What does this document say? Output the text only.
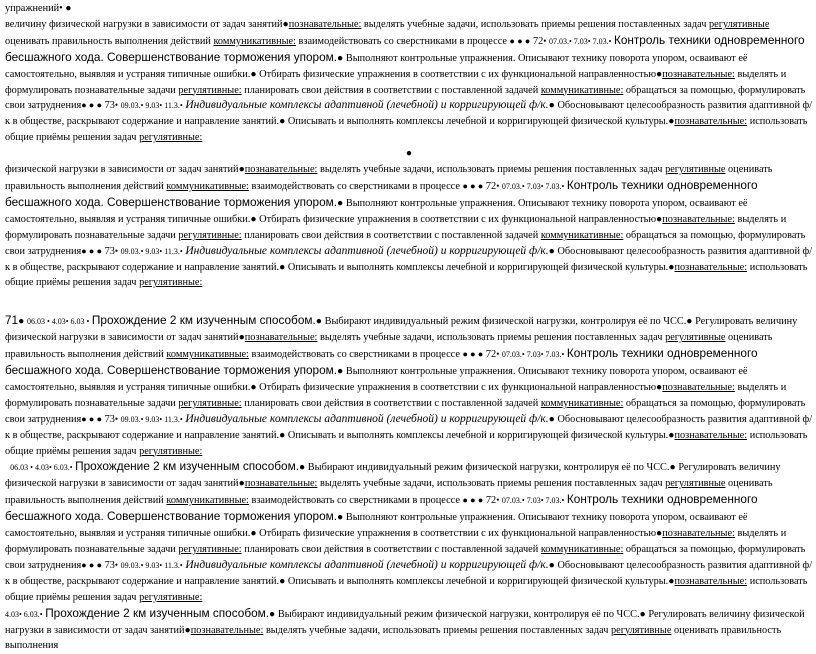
упражнений• ●

величину физической нагрузки в зависимости от задач занятий●познавательные: выделять учебные задачи, использовать приемы решения поставленных задач регулятивные оценивать правильность выполнения действий коммуникативные: взаимодействовать со сверстниками в процессе ● ● ● 72• 07.03.• 7.03• 7.03.• Контроль техники одновременного бесшажного хода. Совершенствование торможения упором.● Выполняют контрольные упражнения. Описывают технику поворота упором, осваивают её самостоятельно, выявляя и устраняя типичные ошибки.● Отбирать физические упражнения в соответствии с их функциональной направленностью●познавательные: выделять и формулировать познавательные задачи регулятивные: планировать свои действия в соответствии с поставленной задачей коммуникативные: обращаться за помощью, формулировать свои затруднения● ● ● 73• 09.03.• 9.03• 11.3.• Индивидуальные комплексы адаптивной (лечебной) и корригирующей ф/к.● Обосновывают целесообразность развития адаптивной ф/к в обществе, раскрывают содержание и направление занятий.● Описывать и выполнять комплексы лечебной и корригирующей физической культуры.●познавательные: использовать общие приёмы решения задач регулятивные:

●

физической нагрузки в зависимости от задач занятий●познавательные: выделять учебные задачи, использовать приемы решения поставленных задач регулятивные оценивать правильность выполнения действий коммуникативные: взаимодействовать со сверстниками в процессе ● ● ● 72• 07.03.• 7.03• 7.03.• Контроль техники одновременного бесшажного хода. Совершенствование торможения упором.● Выполняют контрольные упражнения. Описывают технику поворота упором, осваивают её самостоятельно, выявляя и устраняя типичные ошибки.● Отбирать физические упражнения в соответствии с их функциональной направленностью●познавательные: выделять и формулировать познавательные задачи регулятивные: планировать свои действия в соответствии с поставленной задачей коммуникативные: обращаться за помощью, формулировать свои затруднения● ● ● 73• 09.03.• 9.03• 11.3.• Индивидуальные комплексы адаптивной (лечебной) и корригирующей ф/к.● Обосновывают целесообразность развития адаптивной ф/к в обществе, раскрывают содержание и направление занятий.● Описывать и выполнять комплексы лечебной и корригирующей физической культуры.●познавательные: использовать общие приёмы решения задач регулятивные:

71● 06.03 • 4.03• 6.03 • Прохождение 2 км изученным способом.● Выбирают индивидуальный режим физической нагрузки, контролируя её по ЧСС.● Регулировать величину физической нагрузки в зависимости от задач занятий●познавательные: выделять учебные задачи, использовать приемы решения поставленных задач регулятивные оценивать правильность выполнения действий коммуникативные: взаимодействовать со сверстниками в процессе ● ● ● 72• 07.03.• 7.03• 7.03.• Контроль техники одновременного бесшажного хода. Совершенствование торможения упором.● Выполняют контрольные упражнения. Описывают технику поворота упором, осваивают её самостоятельно, выявляя и устраняя типичные ошибки.● Отбирать физические упражнения в соответствии с их функциональной направленностью●познавательные: выделять и формулировать познавательные задачи регулятивные: планировать свои действия в соответствии с поставленной задачей коммуникативные: обращаться за помощью, формулировать свои затруднения● ● ● 73• 09.03.• 9.03• 11.3.• Индивидуальные комплексы адаптивной (лечебной) и корригирующей ф/к.● Обосновывают целесообразность развития адаптивной ф/к в обществе, раскрывают содержание и направление занятий.● Описывать и выполнять комплексы лечебной и корригирующей физической культуры.●познавательные: использовать общие приёмы решения задач регулятивные:

06.03 • 4.03• 6.03.• Прохождение 2 км изученным способом.● Выбирают индивидуальный режим физической нагрузки, контролируя её по ЧСС.● Регулировать величину физической нагрузки в зависимости от задач занятий●познавательные: выделять учебные задачи, использовать приемы решения поставленных задач регулятивные оценивать правильность выполнения действий коммуникативные: взаимодействовать со сверстниками в процессе ● ● ● 72• 07.03.• 7.03• 7.03.• Контроль техники одновременного бесшажного хода. Совершенствование торможения упором.● Выполняют контрольные упражнения. Описывают технику поворота упором, осваивают её самостоятельно, выявляя и устраняя типичные ошибки.● Отбирать физические упражнения в соответствии с их функциональной направленностью●познавательные: выделять и формулировать познавательные задачи регулятивные: планировать свои действия в соответствии с поставленной задачей коммуникативные: обращаться за помощью, формулировать свои затруднения● ● ● 73• 09.03.• 9.03• 11.3.• Индивидуальные комплексы адаптивной (лечебной) и корригирующей ф/к.● Обосновывают целесообразность развития адаптивной ф/к в обществе, раскрывают содержание и направление занятий.● Описывать и выполнять комплексы лечебной и корригирующей физической культуры.●познавательные: использовать общие приёмы решения задач регулятивные:

4.03• 6.03.• Прохождение 2 км изученным способом.● Выбирают индивидуальный режим физической нагрузки, контролируя её по ЧСС.● Регулировать величину физической нагрузки в зависимости от задач занятий●познавательные: выделять учебные задачи, использовать приемы решения поставленных задач регулятивные оценивать правильность выполнения
